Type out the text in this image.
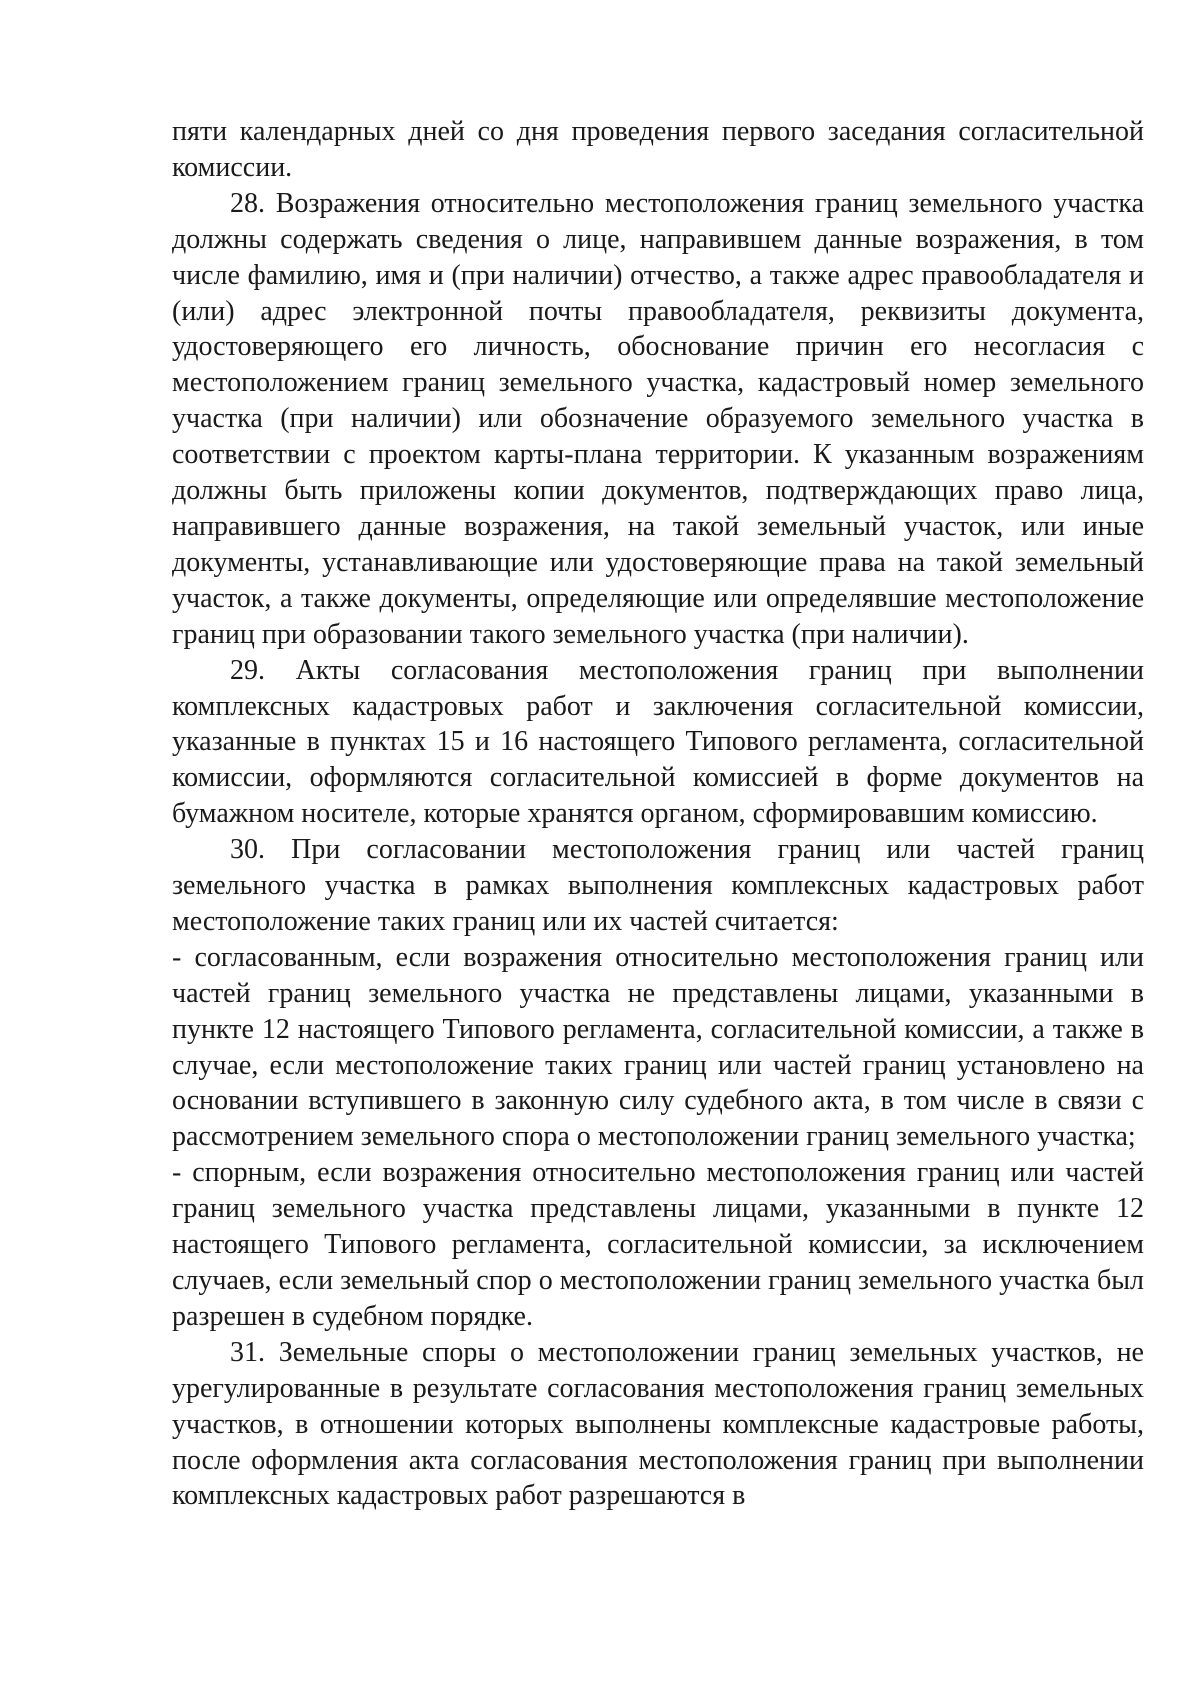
пяти календарных дней со дня проведения первого заседания согласительной комиссии.

28. Возражения относительно местоположения границ земельного участка должны содержать сведения о лице, направившем данные возражения, в том числе фамилию, имя и (при наличии) отчество, а также адрес правообладателя и (или) адрес электронной почты правообладателя, реквизиты документа, удостоверяющего его личность, обоснование причин его несогласия с местоположением границ земельного участка, кадастровый номер земельного участка (при наличии) или обозначение образуемого земельного участка в соответствии с проектом карты-плана территории. К указанным возражениям должны быть приложены копии документов, подтверждающих право лица, направившего данные возражения, на такой земельный участок, или иные документы, устанавливающие или удостоверяющие права на такой земельный участок, а также документы, определяющие или определявшие местоположение границ при образовании такого земельного участка (при наличии).

29. Акты согласования местоположения границ при выполнении комплексных кадастровых работ и заключения согласительной комиссии, указанные в пунктах 15 и 16 настоящего Типового регламента, согласительной комиссии, оформляются согласительной комиссией в форме документов на бумажном носителе, которые хранятся органом, сформировавшим комиссию.

30. При согласовании местоположения границ или частей границ земельного участка в рамках выполнения комплексных кадастровых работ местоположение таких границ или их частей считается:

- согласованным, если возражения относительно местоположения границ или частей границ земельного участка не представлены лицами, указанными в пункте 12 настоящего Типового регламента, согласительной комиссии, а также в случае, если местоположение таких границ или частей границ установлено на основании вступившего в законную силу судебного акта, в том числе в связи с рассмотрением земельного спора о местоположении границ земельного участка;

- спорным, если возражения относительно местоположения границ или частей границ земельного участка представлены лицами, указанными в пункте 12 настоящего Типового регламента, согласительной комиссии, за исключением случаев, если земельный спор о местоположении границ земельного участка был разрешен в судебном порядке.

31. Земельные споры о местоположении границ земельных участков, не урегулированные в результате согласования местоположения границ земельных участков, в отношении которых выполнены комплексные кадастровые работы, после оформления акта согласования местоположения границ при выполнении комплексных кадастровых работ разрешаются в
